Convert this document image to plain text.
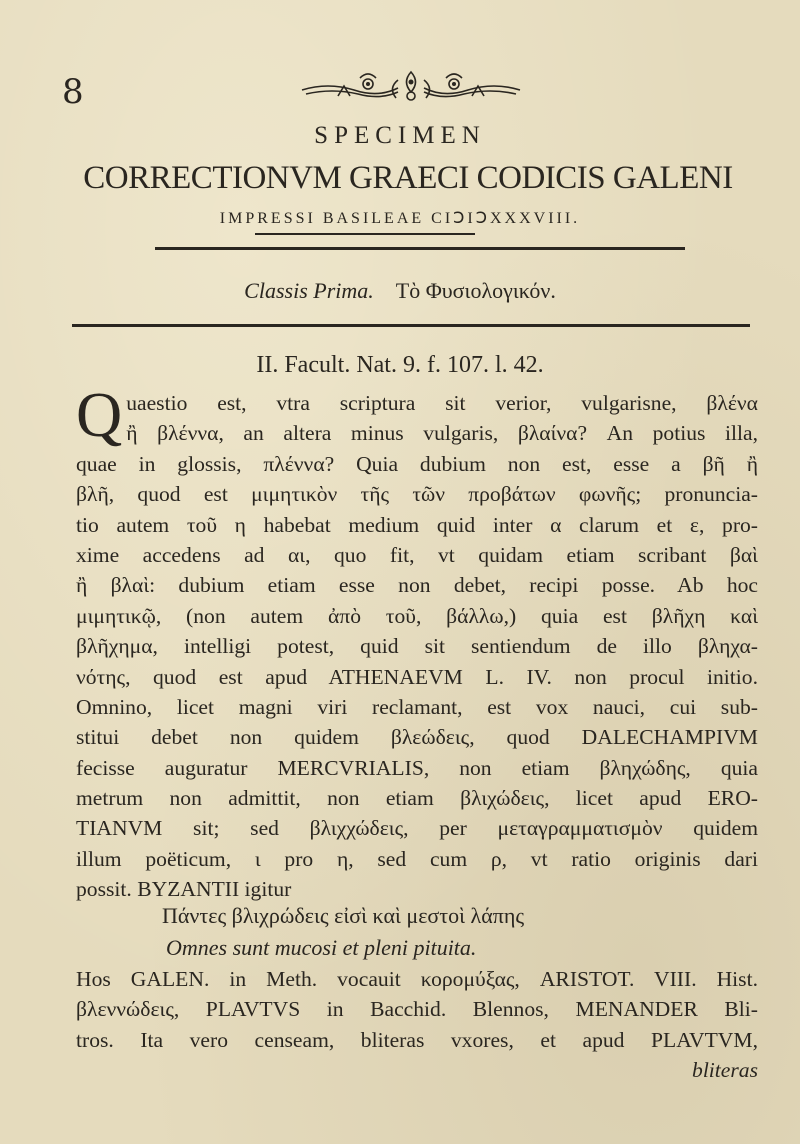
8
SPECIMEN
CORRECTIONVM GRAECI CODICIS GALENI
IMPRESSI BASILEAE CIↃIↃXXXVIII.
Classis Prima. Τὸ Φυσιολογικόν.
II. Facult. Nat. 9. f. 107. l. 42.
Q uaestio est, vtra scriptura sit verior, vulgarisne, βλένα
ἢ βλέννα, an altera minus vulgaris, βλαίνα? An potius illa,
quae in glossis, πλέννα? Quia dubium non est, esse a βῆ ἢ
βλῆ, quod est μιμητικὸν τῆς τῶν προβάτων φωνῆς; pronuncia-
tio autem τοῦ η habebat medium quid inter α clarum et ε, pro-
xime accedens ad αι, quo fit, vt quidam etiam scribant βαὶ
ἢ βλαὶ: dubium etiam esse non debet, recipi posse. Ab hoc
μιμητικῷ, (non autem ἀπὸ τοῦ, βάλλω,) quia est βλῆχη καὶ
βλῆχημα, intelligi potest, quid sit sentiendum de illo βληχα-
νότης, quod est apud ATHENAEVM L. IV. non procul initio.
Omnino, licet magni viri reclamant, est vox nauci, cui sub-
stitui debet non quidem βλεώδεις, quod DALECHAMPIVM
fecisse auguratur MERCVRIALIS, non etiam βληχώδης, quia
metrum non admittit, non etiam βλιχώδεις, licet apud ERO-
TIANVM sit; sed βλιχχώδεις, per μεταγραμματισμὸν quidem
illum poëticum, ι pro η, sed cum ρ, vt ratio originis dari
possit. BYZANTII igitur
Πάντες βλιχρώδεις εἰσὶ καὶ μεστοὶ λάπης
Omnes sunt mucosi et pleni pituita.
Hos GALEN. in Meth. vocauit κορομύξας, ARISTOT. VIII. Hist.
βλεννώδεις, PLAVTVS in Bacchid. Blennos, MENANDER Bli-
tros. Ita vero censeam, bliteras vxores, et apud PLAVTVM,
bliteras
